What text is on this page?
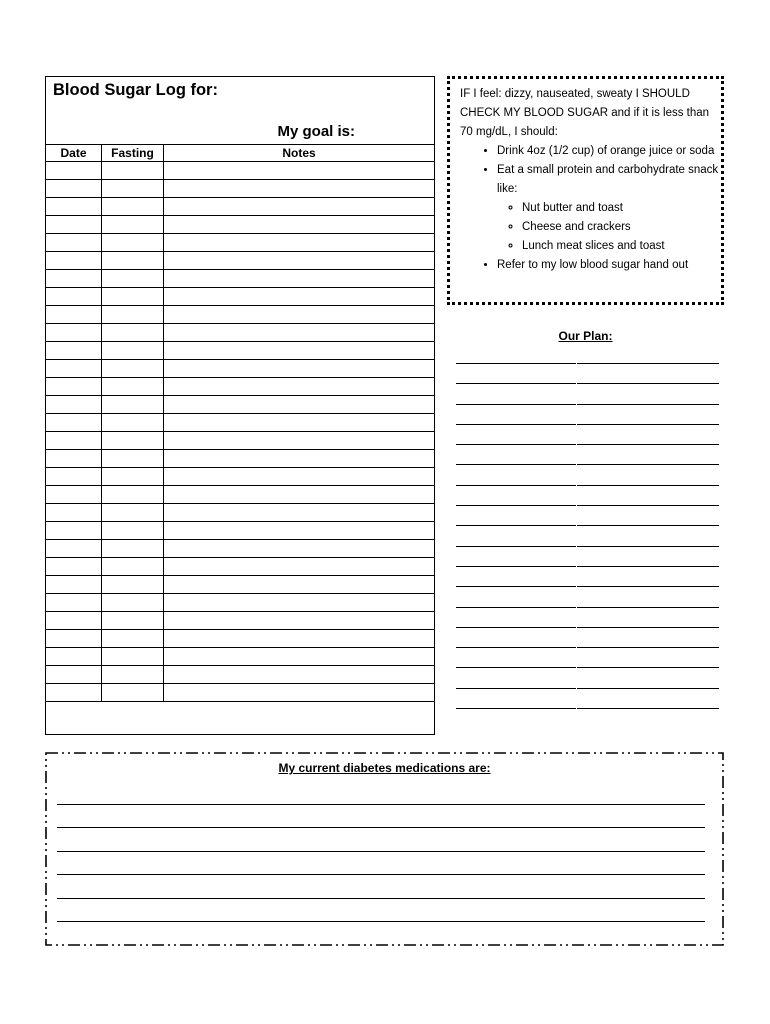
Blood Sugar Log for:
My goal is:
Date	Fasting	Notes

IF I feel: dizzy, nauseated, sweaty I SHOULD CHECK MY BLOOD SUGAR and if it is less than 70 mg/dL, I should:

• Drink 4oz (1/2 cup) of orange juice or soda
• Eat a small protein and carbohydrate snack like:
◦ Nut butter and toast
◦ Cheese and crackers
◦ Lunch meat slices and toast
• Refer to my low blood sugar hand out
Our Plan:
My current diabetes medications are:
